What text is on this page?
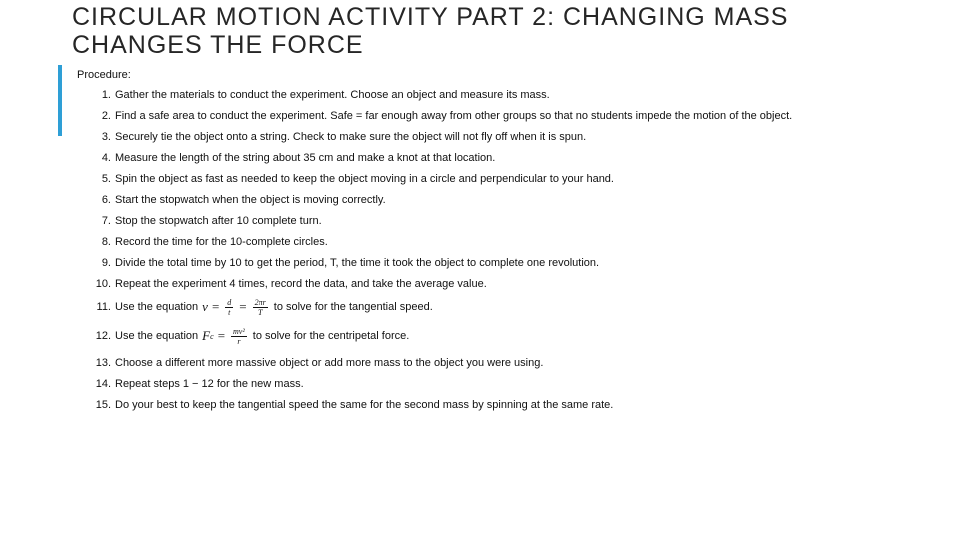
CIRCULAR MOTION ACTIVITY PART 2: CHANGING MASS
CHANGES THE FORCE
Procedure:
1. Gather the materials to conduct the experiment. Choose an object and measure its mass.
2. Find a safe area to conduct the experiment. Safe = far enough away from other groups so that no students impede the motion of the object.
3. Securely tie the object onto a string. Check to make sure the object will not fly off when it is spun.
4. Measure the length of the string about 35 cm and make a knot at that location.
5. Spin the object as fast as needed to keep the object moving in a circle and perpendicular to your hand.
6. Start the stopwatch when the object is moving correctly.
7. Stop the stopwatch after 10 complete turn.
8. Record the time for the 10-complete circles.
9. Divide the total time by 10 to get the period, T, the time it took the object to complete one revolution.
10. Repeat the experiment 4 times, record the data, and take the average value.
11. Use the equation $v = \frac{d}{t} = \frac{2\pi r}{T}$ to solve for the tangential speed.
12. Use the equation F $c = \frac{\text{mv²}}{r}$ to solve for the centripetal force.
13. Choose a different more massive object or add more mass to the object you were using.
14. Repeat steps 1 − 12 for the new mass.
15. Do your best to keep the tangential speed the same for the second mass by spinning at the same rate.
